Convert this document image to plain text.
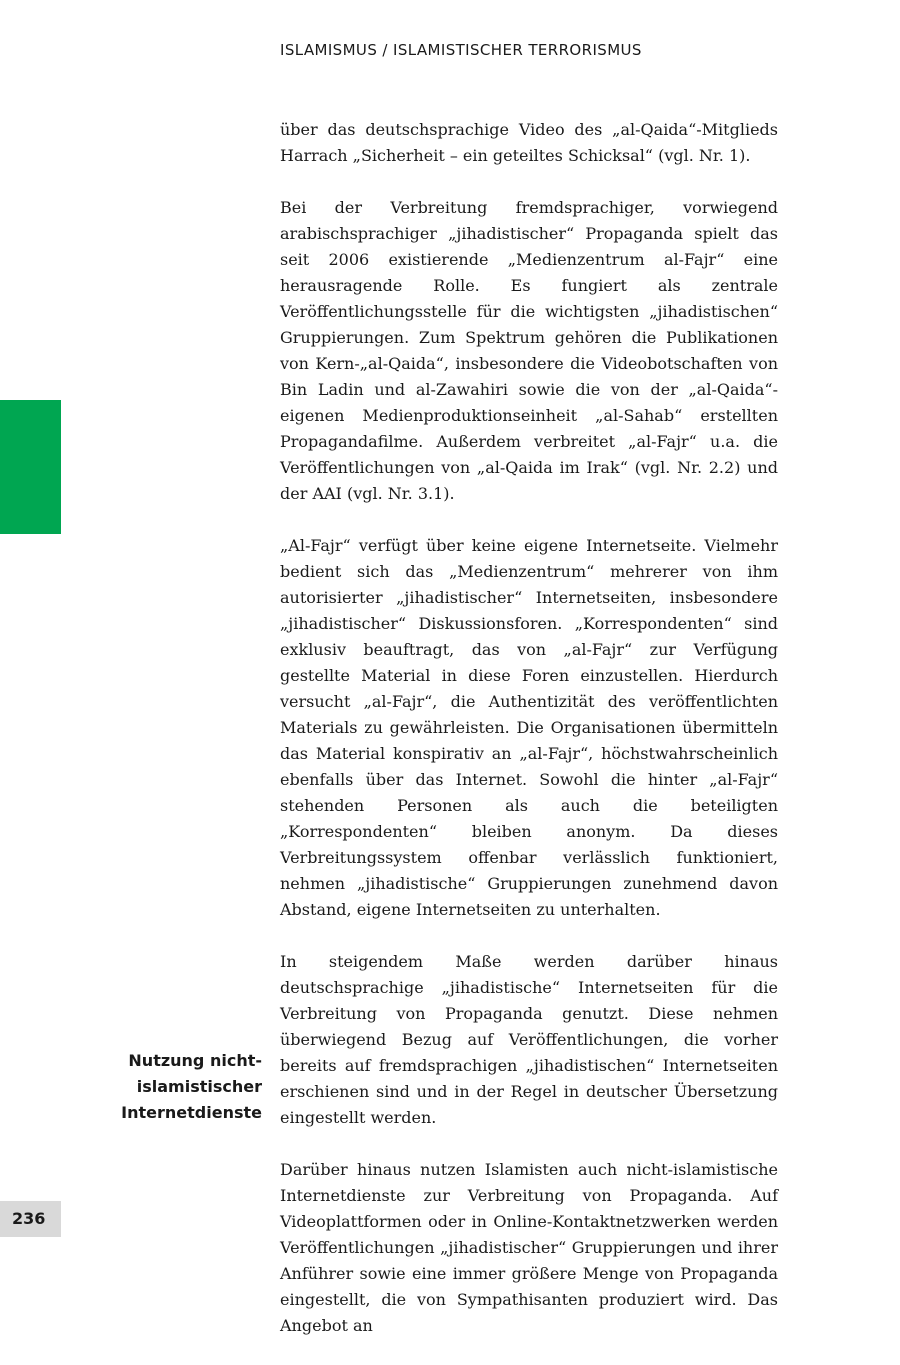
ISLAMISMUS / ISLAMISTISCHER TERRORISMUS
236
Nutzung nicht-islamistischer Internetdienste

über das deutschsprachige Video des „al-Qaida“-Mitglieds Harrach „Sicherheit – ein geteiltes Schicksal“ (vgl. Nr. 1).

Bei der Verbreitung fremdsprachiger, vorwiegend arabischsprachiger „jihadistischer“ Propaganda spielt das seit 2006 existierende „Medienzentrum al-Fajr“ eine herausragende Rolle. Es fungiert als zentrale Veröffentlichungsstelle für die wichtigsten „jihadistischen“ Gruppierungen. Zum Spektrum gehören die Publikationen von Kern-„al-Qaida“, insbesondere die Videobotschaften von Bin Ladin und al-Zawahiri sowie die von der „al-Qaida“-eigenen Medienproduktionseinheit „al-Sahab“ erstellten Propagandafilme. Außerdem verbreitet „al-Fajr“ u.a. die Veröffentlichungen von „al-Qaida im Irak“ (vgl. Nr. 2.2) und der AAI (vgl. Nr. 3.1).

„Al-Fajr“ verfügt über keine eigene Internetseite. Vielmehr bedient sich das „Medienzentrum“ mehrerer von ihm autorisierter „jihadistischer“ Internetseiten, insbesondere „jihadistischer“ Diskussionsforen. „Korrespondenten“ sind exklusiv beauftragt, das von „al-Fajr“ zur Verfügung gestellte Material in diese Foren einzustellen. Hierdurch versucht „al-Fajr“, die Authentizität des veröffentlichten Materials zu gewährleisten. Die Organisationen übermitteln das Material konspirativ an „al-Fajr“, höchstwahrscheinlich ebenfalls über das Internet. Sowohl die hinter „al-Fajr“ stehenden Personen als auch die beteiligten „Korrespondenten“ bleiben anonym. Da dieses Verbreitungssystem offenbar verlässlich funktioniert, nehmen „jihadistische“ Gruppierungen zunehmend davon Abstand, eigene Internetseiten zu unterhalten.

In steigendem Maße werden darüber hinaus deutschsprachige „jihadistische“ Internetseiten für die Verbreitung von Propaganda genutzt. Diese nehmen überwiegend Bezug auf Veröffentlichungen, die vorher bereits auf fremdsprachigen „jihadistischen“ Internetseiten erschienen sind und in der Regel in deutscher Übersetzung eingestellt werden.

Darüber hinaus nutzen Islamisten auch nicht-islamistische Internetdienste zur Verbreitung von Propaganda. Auf Videoplattformen oder in Online-Kontaktnetzwerken werden Veröffentlichungen „jihadistischer“ Gruppierungen und ihrer Anführer sowie eine immer größere Menge von Propaganda eingestellt, die von Sympathisanten produziert wird. Das Angebot an
